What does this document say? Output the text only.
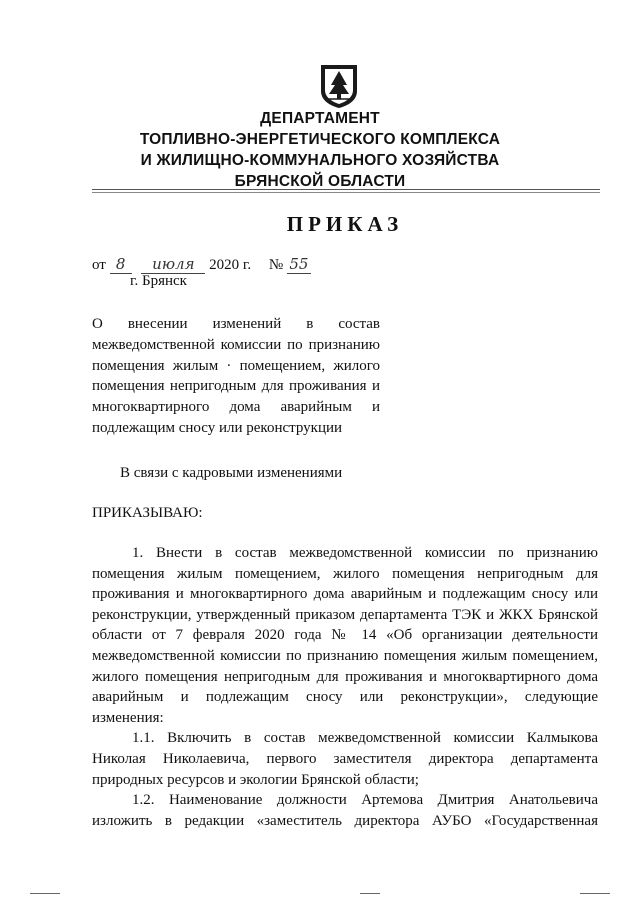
ДЕПАРТАМЕНТ
ТОПЛИВНО-ЭНЕРГЕТИЧЕСКОГО КОМПЛЕКСА
И ЖИЛИЩНО-КОММУНАЛЬНОГО ХОЗЯЙСТВА
БРЯНСКОЙ ОБЛАСТИ
ПРИКАЗ
от 8 июля 2020 г. № 55
г. Брянск
О внесении изменений в состав
межведомственной комиссии по признанию
помещения жилым · помещением, жилого
помещения непригодным для проживания и
многоквартирного дома аварийным и
подлежащим сносу или реконструкции
В связи с кадровыми изменениями
ПРИКАЗЫВАЮ:
1. Внести в состав межведомственной комиссии по признанию
помещения жилым помещением, жилого помещения непригодным для
проживания и многоквартирного дома аварийным и подлежащим сносу или
реконструкции, утвержденный приказом департамента ТЭК и ЖКХ Брянской
области от 7 февраля 2020 года № 14 «Об организации деятельности
межведомственной комиссии по признанию помещения жилым помещением,
жилого помещения непригодным для проживания и многоквартирного дома
аварийным и подлежащим сносу или реконструкции», следующие
изменения:
1.1. Включить в состав межведомственной комиссии Калмыкова
Николая Николаевича, первого заместителя директора департамента
природных ресурсов и экологии Брянской области;
1.2. Наименование должности Артемова Дмитрия Анатольевича
изложить в редакции «заместитель директора АУБО «Государственная
